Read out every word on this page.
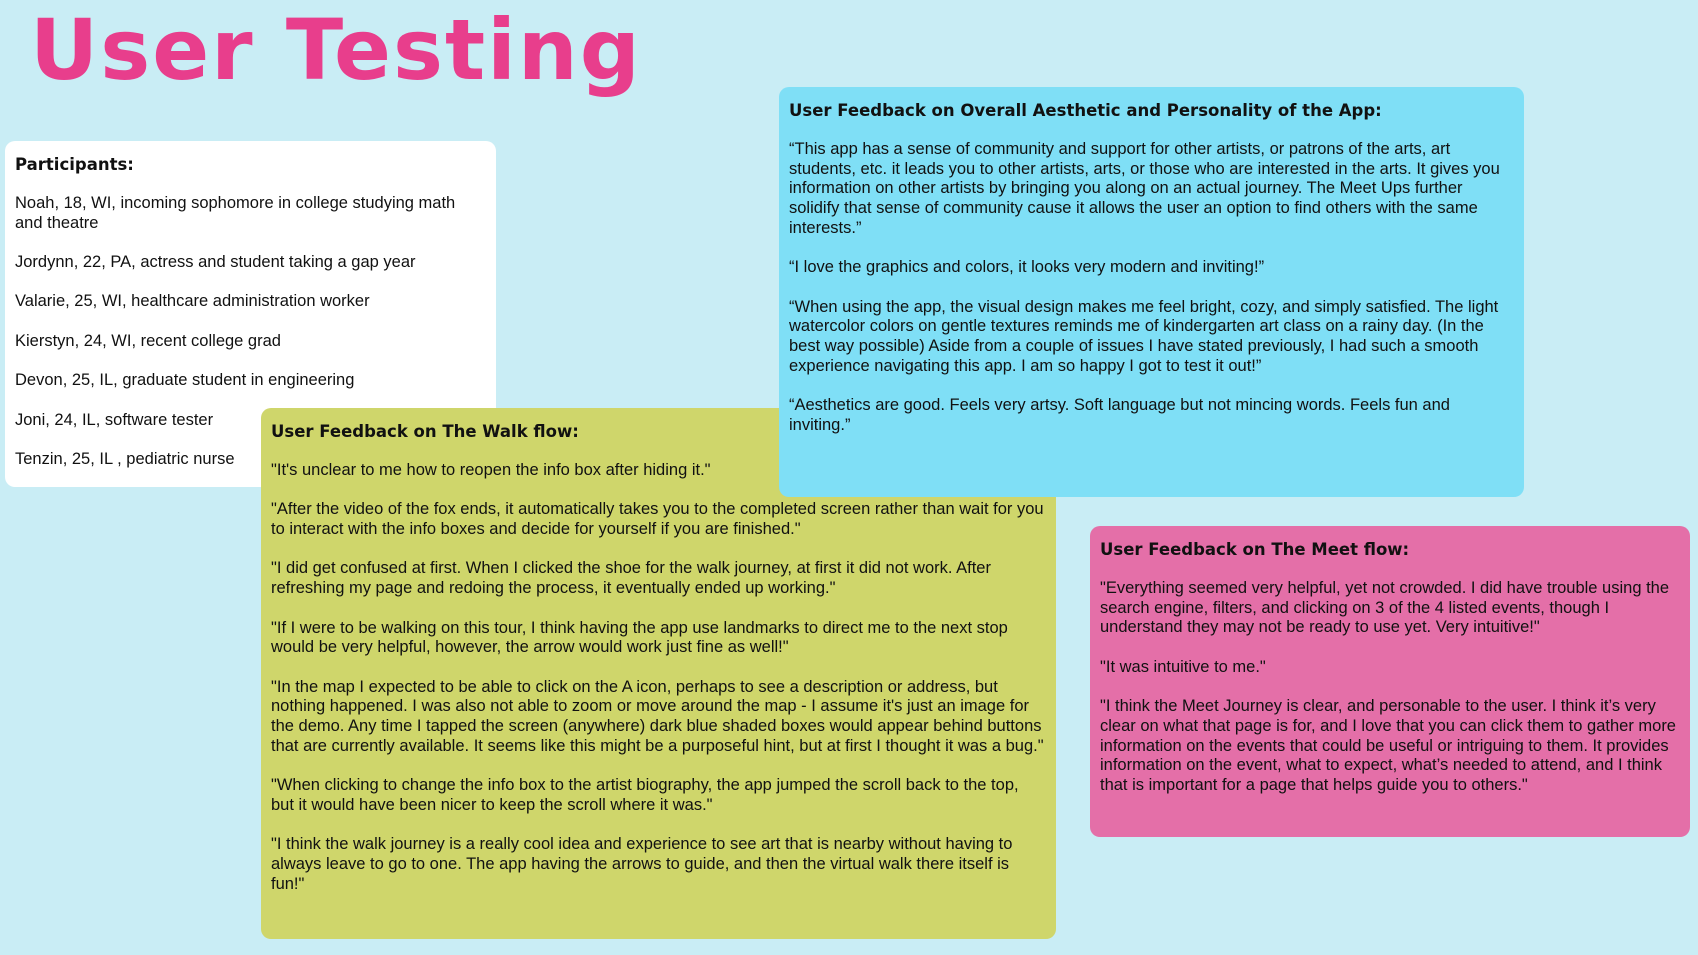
User Testing
Participants:

Noah, 18, WI, incoming sophomore in college studying math and theatre

Jordynn, 22, PA, actress and student taking a gap year

Valarie, 25, WI, healthcare administration worker

Kierstyn, 24, WI, recent college grad

Devon, 25, IL, graduate student in engineering

Joni, 24, IL, software tester

Tenzin, 25, IL , pediatric nurse

User Feedback on Overall Aesthetic and Personality of the App:

“This app has a sense of community and support for other artists, or patrons of the arts, art students, etc. it leads you to other artists, arts, or those who are interested in the arts. It gives you information on other artists by bringing you along on an actual journey. The Meet Ups further solidify that sense of community cause it allows the user an option to find others with the same interests.”

“I love the graphics and colors, it looks very modern and inviting!”

“When using the app, the visual design makes me feel bright, cozy, and simply satisfied. The light watercolor colors on gentle textures reminds me of kindergarten art class on a rainy day. (In the best way possible) Aside from a couple of issues I have stated previously, I had such a smooth experience navigating this app. I am so happy I got to test it out!”

“Aesthetics are good. Feels very artsy. Soft language but not mincing words. Feels fun and inviting.”

User Feedback on The Walk flow:

"It's unclear to me how to reopen the info box after hiding it."

"After the video of the fox ends, it automatically takes you to the completed screen rather than wait for you to interact with the info boxes and decide for yourself if you are finished."

"I did get confused at first. When I clicked the shoe for the walk journey, at first it did not work. After refreshing my page and redoing the process, it eventually ended up working."

"If I were to be walking on this tour, I think having the app use landmarks to direct me to the next stop would be very helpful, however, the arrow would work just fine as well!"

"In the map I expected to be able to click on the A icon, perhaps to see a description or address, but nothing happened. I was also not able to zoom or move around the map - I assume it's just an image for the demo. Any time I tapped the screen (anywhere) dark blue shaded boxes would appear behind buttons that are currently available. It seems like this might be a purposeful hint, but at first I thought it was a bug."

"When clicking to change the info box to the artist biography, the app jumped the scroll back to the top, but it would have been nicer to keep the scroll where it was."

"I think the walk journey is a really cool idea and experience to see art that is nearby without having to always leave to go to one. The app having the arrows to guide, and then the virtual walk there itself is fun!"

User Feedback on The Meet flow:

"Everything seemed very helpful, yet not crowded. I did have trouble using the search engine, filters, and clicking on 3 of the 4 listed events, though I understand they may not be ready to use yet. Very intuitive!"

"It was intuitive to me."

"I think the Meet Journey is clear, and personable to the user. I think it’s very clear on what that page is for, and I love that you can click them to gather more information on the events that could be useful or intriguing to them. It provides information on the event, what to expect, what’s needed to attend, and I think that is important for a page that helps guide you to others."
